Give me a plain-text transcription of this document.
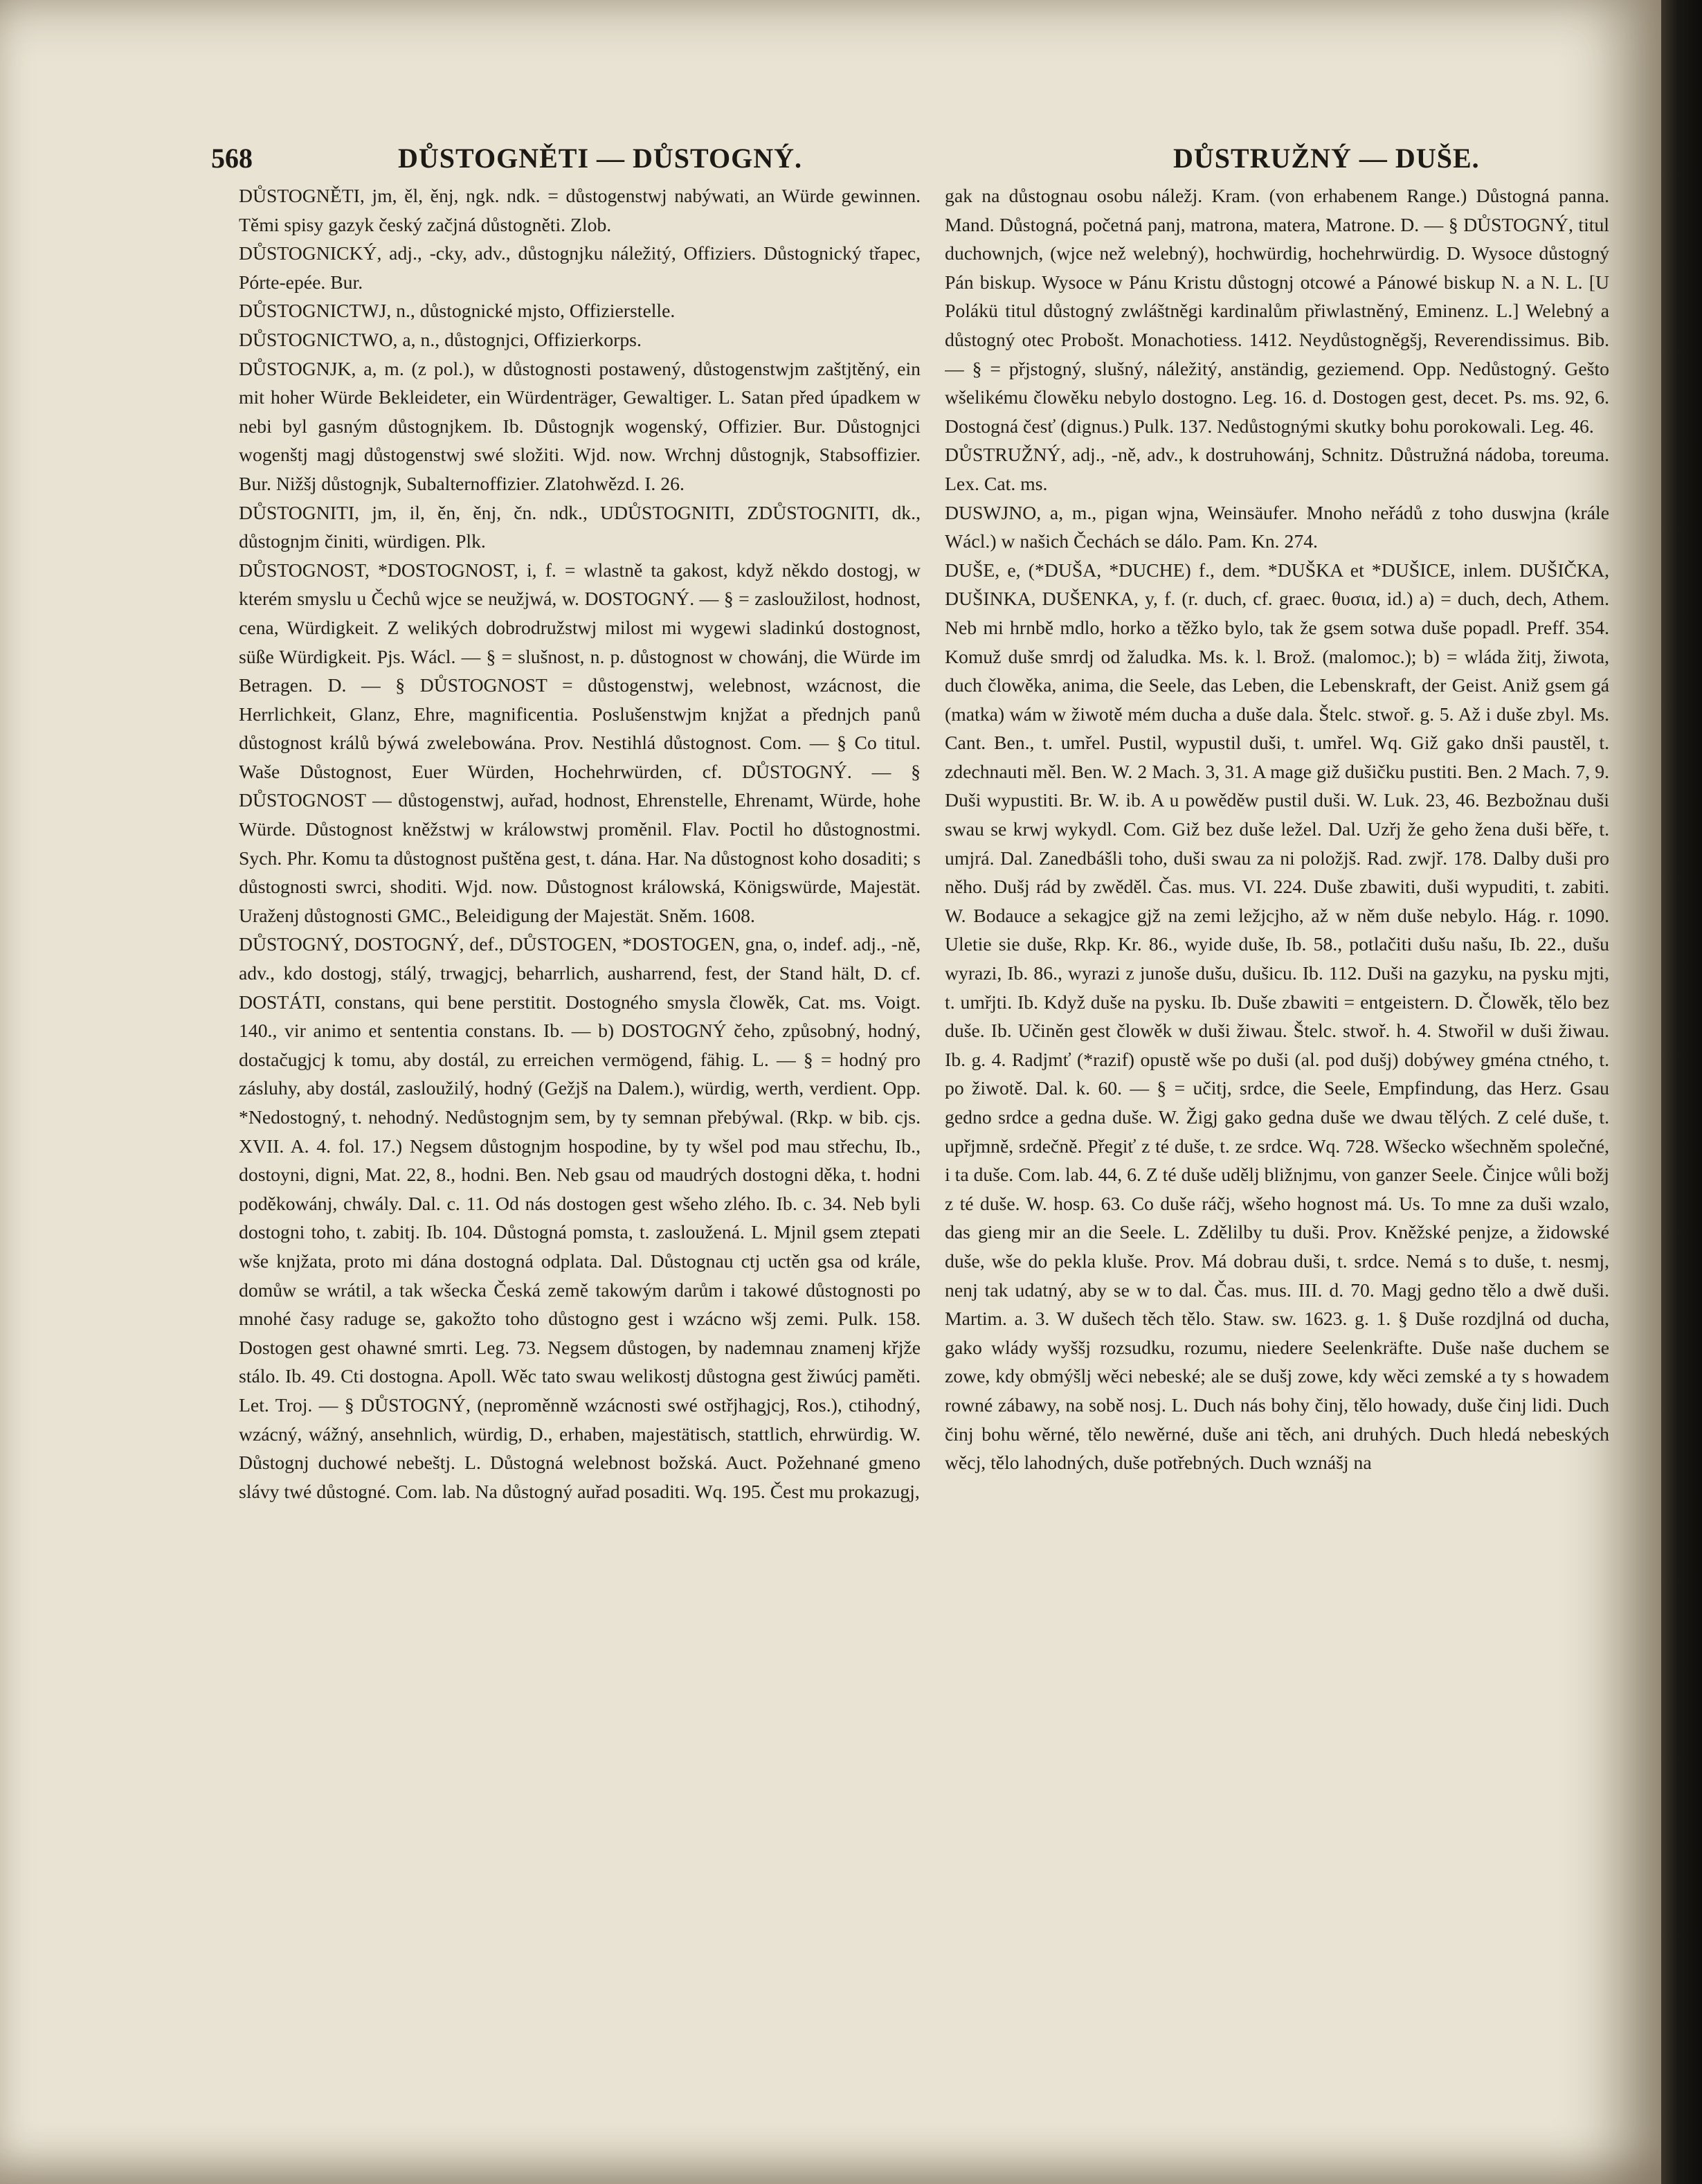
568	DŮSTOGNĚTI — DŮSTOGNÝ.	DŮSTRUŽNÝ — DUŠE.

DŮSTOGNĚTI, jm, ěl, ěnj, ngk. ndk. = důstogenstwj nabýwati, an Würde gewinnen. Těmi spisy gazyk český začjná důstogněti. Zlob.

DŮSTOGNICKÝ, adj., -cky, adv., důstognjku náležitý, Offiziers. Důstognický třapec, Pórte-epée. Bur.

DŮSTOGNICTWJ, n., důstognické mjsto, Offizierstelle.

DŮSTOGNICTWO, a, n., důstognjci, Offizierkorps.

DŮSTOGNJK, a, m. (z pol.), w důstognosti postawený, důstogenstwjm zaštjtěný, ein mit hoher Würde Bekleideter, ein Würdenträger, Gewaltiger. L. Satan před úpadkem w nebi byl gasným důstognjkem. Ib. Důstognjk wogenský, Offizier. Bur. Důstognjci wogenštj magj důstogenstwj swé složiti. Wjd. now. Wrchnj důstognjk, Stabsoffizier. Bur. Nižšj důstognjk, Subalternoffizier. Zlatohwězd. I. 26.

DŮSTOGNITI, jm, il, ěn, ěnj, čn. ndk., UDŮSTOGNITI, ZDŮSTOGNITI, dk., důstognjm činiti, würdigen. Plk.

DŮSTOGNOST, *DOSTOGNOST, i, f. = wlastně ta gakost, když někdo dostogj, w kterém smyslu u Čechů wjce se neužjwá, w. DOSTOGNÝ. — § = zasloužilost, hodnost, cena, Würdigkeit. Z welikých dobrodružstwj milost mi wygewi sladinkú dostognost, süße Würdigkeit. Pjs. Wácl. — § = slušnost, n. p. důstognost w chowánj, die Würde im Betragen. D. — § DŮSTOGNOST = důstogenstwj, welebnost, wzácnost, die Herrlichkeit, Glanz, Ehre, magnificentia. Poslušenstwjm knjžat a přednjch panů důstognost králů býwá zwelebowána. Prov. Nestihlá důstognost. Com. — § Co titul. Waše Důstognost, Euer Würden, Hochehrwürden, cf. DŮSTOGNÝ. — § DŮSTOGNOST — důstogenstwj, auřad, hodnost, Ehrenstelle, Ehrenamt, Würde, hohe Würde. Důstognost kněžstwj w králowstwj proměnil. Flav. Poctil ho důstognostmi. Sych. Phr. Komu ta důstognost puštěna gest, t. dána. Har. Na důstognost koho dosaditi; s důstognosti swrci, shoditi. Wjd. now. Důstognost králowská, Königswürde, Majestät. Uraženj důstognosti GMC., Beleidigung der Majestät. Sněm. 1608.

DŮSTOGNÝ, DOSTOGNÝ, def., DŮSTOGEN, *DOSTOGEN, gna, o, indef. adj., -ně, adv., kdo dostogj, stálý, trwagjcj, beharrlich, ausharrend, fest, der Stand hält, D. cf. DOSTÁTI, constans, qui bene perstitit. Dostogného smysla člowěk, Cat. ms. Voigt. 140., vir animo et sententia constans. Ib. — b) DOSTOGNÝ čeho, způsobný, hodný, dostačugjcj k tomu, aby dostál, zu erreichen vermögend, fähig. L. — § = hodný pro zásluhy, aby dostál, zasloužilý, hodný (Gežjš na Dalem.), würdig, werth, verdient. Opp. *Nedostogný, t. nehodný. Nedůstognjm sem, by ty semnan přebýwal. (Rkp. w bib. cjs. XVII. A. 4. fol. 17.) Negsem důstognjm hospodine, by ty wšel pod mau střechu, Ib., dostoyni, digni, Mat. 22, 8., hodni. Ben. Neb gsau od maudrých dostogni děka, t. hodni poděkowánj, chwály. Dal. c. 11. Od nás dostogen gest wšeho zlého. Ib. c. 34. Neb byli dostogni toho, t. zabitj. Ib. 104. Důstogná pomsta, t. zasloužená. L. Mjnil gsem ztepati wše knjžata, proto mi dána dostogná odplata. Dal. Důstognau ctj uctěn gsa od krále, domůw se wrátil, a tak wšecka Česká země takowým darům i takowé důstognosti po mnohé časy raduge se, gakožto toho důstogno gest i wzácno wšj zemi. Pulk. 158. Dostogen gest ohawné smrti. Leg. 73. Negsem důstogen, by nademnau znamenj křjže stálo. Ib. 49. Cti dostogna. Apoll. Wěc tato swau welikostj důstogna gest žiwúcj paměti. Let. Troj. — § DŮSTOGNÝ, (neproměnně wzácnosti swé ostřjhagjcj, Ros.), ctihodný, wzácný, wážný, ansehnlich, würdig, D., erhaben, majestätisch, stattlich, ehrwürdig. W. Důstognj duchowé nebeštj. L. Důstogná welebnost božská. Auct. Požehnané gmeno slávy twé důstogné. Com. lab. Na důstogný auřad posaditi. Wq. 195. Čest mu prokazugj,

gak na důstognau osobu náležj. Kram. (von erhabenem Range.) Důstogná panna. Mand. Důstogná, početná panj, matrona, matera, Matrone. D. — § DŮSTOGNÝ, titul duchownjch, (wjce než welebný), hochwürdig, hochehrwürdig. D. Wysoce důstogný Pán biskup. Wysoce w Pánu Kristu důstognj otcowé a Pánowé biskup N. a N. L. [U Polákü titul důstogný zwláštněgi kardinalům přiwlastněný, Eminenz. L.] Welebný a důstogný otec Probošt. Monachotiess. 1412. Neydůstogněgšj, Reverendissimus. Bib. — § = přjstogný, slušný, náležitý, anständig, geziemend. Opp. Nedůstogný. Gešto wšelikému člowěku nebylo dostogno. Leg. 16. d. Dostogen gest, decet. Ps. ms. 92, 6. Dostogná česť (dignus.) Pulk. 137. Nedůstognými skutky bohu porokowali. Leg. 46.

DŮSTRUŽNÝ, adj., -ně, adv., k dostruhowánj, Schnitz. Důstružná nádoba, toreuma. Lex. Cat. ms.

DUSWJNO, a, m., pigan wjna, Weinsäufer. Mnoho neřádů z toho duswjna (krále Wácl.) w našich Čechách se dálo. Pam. Kn. 274.

DUŠE, e, (*DUŠA, *DUCHE) f., dem. *DUŠKA et *DUŠICE, inlem. DUŠIČKA, DUŠINKA, DUŠENKA, y, f. (r. duch, cf. graec. θυσια, id.) a) = duch, dech, Athem. Neb mi hrnbě mdlo, horko a těžko bylo, tak že gsem sotwa duše popadl. Preff. 354. Komuž duše smrdj od žaludka. Ms. k. l. Brož. (malomoc.); b) = wláda žitj, žiwota, duch člowěka, anima, die Seele, das Leben, die Lebenskraft, der Geist. Aniž gsem gá (matka) wám w žiwotě mém ducha a duše dala. Štelc. stwoř. g. 5. Až i duše zbyl. Ms. Cant. Ben., t. umřel. Pustil, wypustil duši, t. umřel. Wq. Giž gako dnši paustěl, t. zdechnauti měl. Ben. W. 2 Mach. 3, 31. A mage giž dušičku pustiti. Ben. 2 Mach. 7, 9. Duši wypustiti. Br. W. ib. A u powěděw pustil duši. W. Luk. 23, 46. Bezbožnau duši swau se krwj wykydl. Com. Giž bez duše ležel. Dal. Uzřj že geho žena duši běře, t. umjrá. Dal. Zanedbášli toho, duši swau za ni položjš. Rad. zwjř. 178. Dalby duši pro něho. Dušj rád by zwěděl. Čas. mus. VI. 224. Duše zbawiti, duši wypuditi, t. zabiti. W. Bodauce a sekagjce gjž na zemi ležjcjho, až w něm duše nebylo. Hág. r. 1090. Uletie sie duše, Rkp. Kr. 86., wyide duše, Ib. 58., potlačiti dušu našu, Ib. 22., dušu wyrazi, Ib. 86., wyrazi z junoše dušu, dušicu. Ib. 112. Duši na gazyku, na pysku mjti, t. umřjti. Ib. Když duše na pysku. Ib. Duše zbawiti = entgeistern. D. Člowěk, tělo bez duše. Ib. Učiněn gest člowěk w duši žiwau. Štelc. stwoř. h. 4. Stwořil w duši žiwau. Ib. g. 4. Radjmť (*razif) opustě wše po duši (al. pod dušj) dobýwey gména ctného, t. po žiwotě. Dal. k. 60. — § = učitj, srdce, die Seele, Empfindung, das Herz. Gsau gedno srdce a gedna duše. W. Žigj gako gedna duše we dwau tělých. Z celé duše, t. upřjmně, srdečně. Přegiť z té duše, t. ze srdce. Wq. 728. Wšecko wšechněm společné, i ta duše. Com. lab. 44, 6. Z té duše udělj bližnjmu, von ganzer Seele. Činjce wůli božj z té duše. W. hosp. 63. Co duše ráčj, wšeho hognost má. Us. To mne za duši wzalo, das gieng mir an die Seele. L. Zdělilby tu duši. Prov. Kněžské penjze, a židowské duše, wše do pekla kluše. Prov. Má dobrau duši, t. srdce. Nemá s to duše, t. nesmj, nenj tak udatný, aby se w to dal. Čas. mus. III. d. 70. Magj gedno tělo a dwě duši. Martim. a. 3. W dušech těch tělo. Staw. sw. 1623. g. 1. § Duše rozdjlná od ducha, gako wlády wyššj rozsudku, rozumu, niedere Seelenkräfte. Duše naše duchem se zowe, kdy obmýšlj wěci nebeské; ale se dušj zowe, kdy wěci zemské a ty s howadem rowné zábawy, na sobě nosj. L. Duch nás bohy činj, tělo howady, duše činj lidi. Duch činj bohu wěrné, tělo newěrné, duše ani těch, ani druhých. Duch hledá nebeských wěcj, tělo lahodných, duše potřebných. Duch wznášj na
